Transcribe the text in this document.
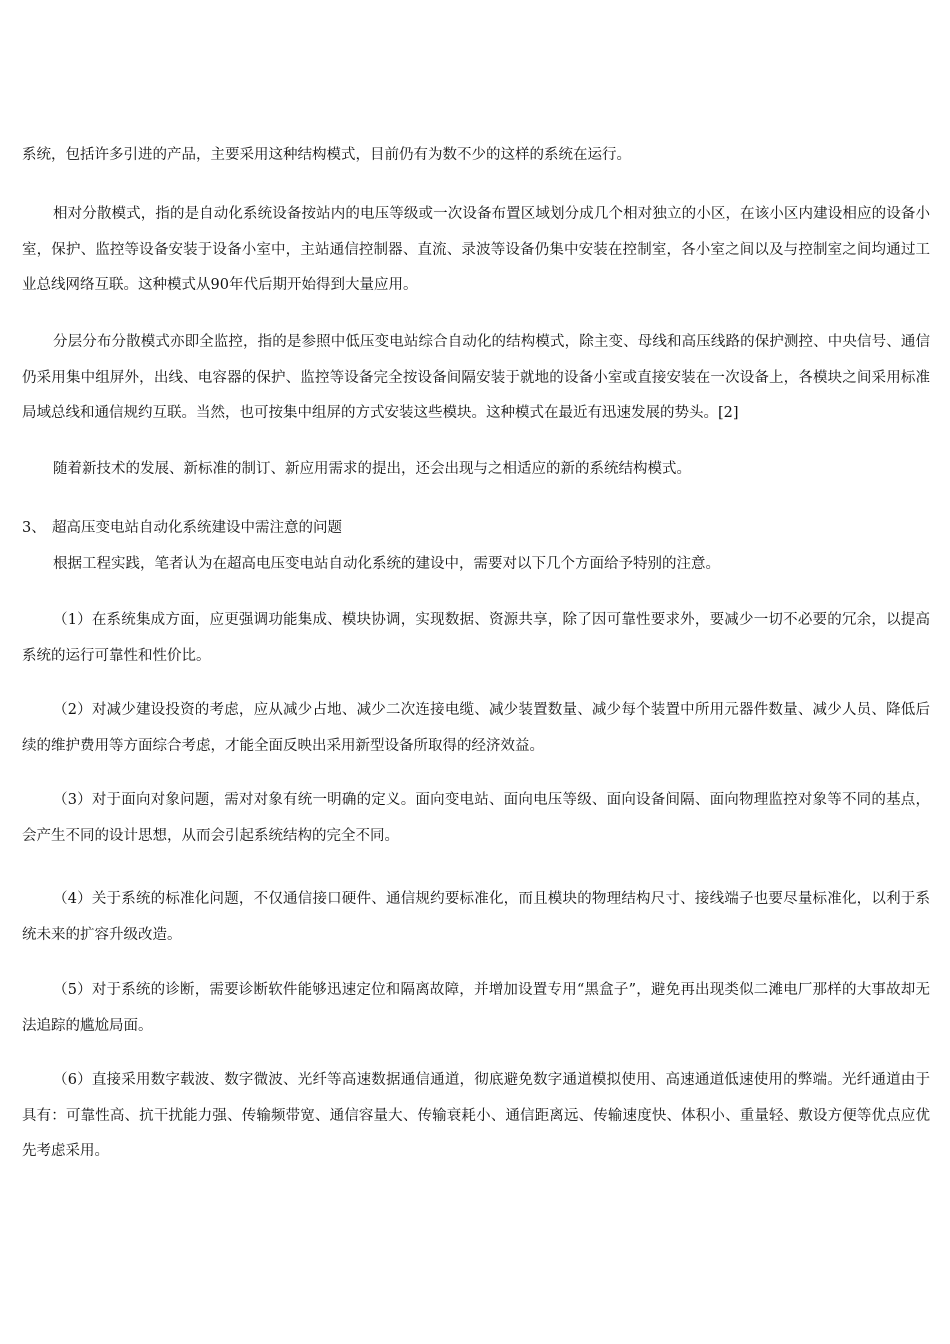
系统，包括许多引进的产品，主要采用这种结构模式，目前仍有为数不少的这样的系统在运行。

相对分散模式，指的是自动化系统设备按站内的电压等级或一次设备布置区域划分成几个相对独立的小区，在该小区内建设相应的设备小室，保护、监控等设备安装于设备小室中，主站通信控制器、直流、录波等设备仍集中安装在控制室，各小室之间以及与控制室之间均通过工业总线网络互联。这种模式从90年代后期开始得到大量应用。

分层分布分散模式亦即全监控，指的是参照中低压变电站综合自动化的结构模式，除主变、母线和高压线路的保护测控、中央信号、通信仍采用集中组屏外，出线、电容器的保护、监控等设备完全按设备间隔安装于就地的设备小室或直接安装在一次设备上，各模块之间采用标准局域总线和通信规约互联。当然，也可按集中组屏的方式安装这些模块。这种模式在最近有迅速发展的势头。[2]

随着新技术的发展、新标准的制订、新应用需求的提出，还会出现与之相适应的新的系统结构模式。

3、 超高压变电站自动化系统建设中需注意的问题

根据工程实践，笔者认为在超高电压变电站自动化系统的建设中，需要对以下几个方面给予特别的注意。

（1）在系统集成方面，应更强调功能集成、模块协调，实现数据、资源共享，除了因可靠性要求外，要减少一切不必要的冗余，以提高系统的运行可靠性和性价比。

（2）对减少建设投资的考虑，应从减少占地、减少二次连接电缆、减少装置数量、减少每个装置中所用元器件数量、减少人员、降低后续的维护费用等方面综合考虑，才能全面反映出采用新型设备所取得的经济效益。

（3）对于面向对象问题，需对对象有统一明确的定义。面向变电站、面向电压等级、面向设备间隔、面向物理监控对象等不同的基点，会产生不同的设计思想，从而会引起系统结构的完全不同。

（4）关于系统的标准化问题，不仅通信接口硬件、通信规约要标准化，而且模块的物理结构尺寸、接线端子也要尽量标准化，以利于系统未来的扩容升级改造。

（5）对于系统的诊断，需要诊断软件能够迅速定位和隔离故障，并增加设置专用“黑盒子”，避免再出现类似二滩电厂那样的大事故却无法追踪的尴尬局面。

（6）直接采用数字载波、数字微波、光纤等高速数据通信通道，彻底避免数字通道模拟使用、高速通道低速使用的弊端。光纤通道由于具有：可靠性高、抗干扰能力强、传输频带宽、通信容量大、传输衰耗小、通信距离远、传输速度快、体积小、重量轻、敷设方便等优点应优先考虑采用。
